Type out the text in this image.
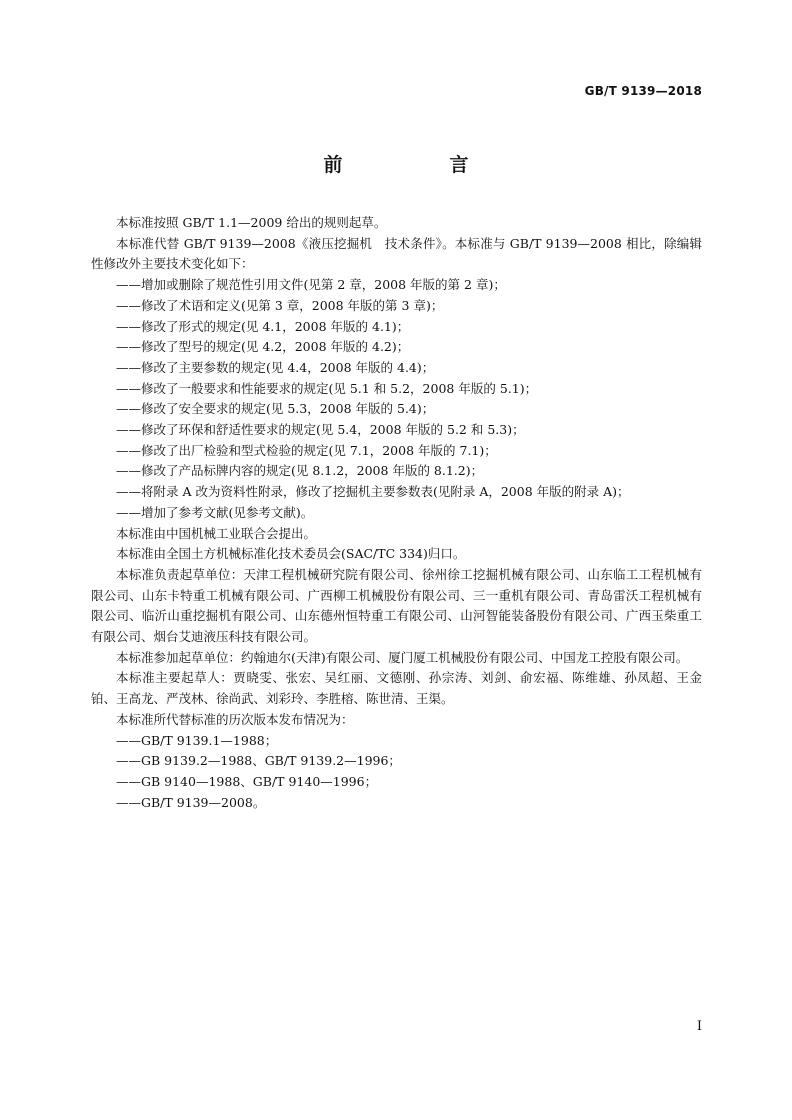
GB/T 9139—2018
前　言

本标准按照 GB/T 1.1—2009 给出的规则起草。

本标准代替 GB/T 9139—2008《液压挖掘机　技术条件》。本标准与 GB/T 9139—2008 相比，除编辑性修改外主要技术变化如下：

——增加或删除了规范性引用文件(见第 2 章，2008 年版的第 2 章)；

——修改了术语和定义(见第 3 章，2008 年版的第 3 章)；

——修改了形式的规定(见 4.1，2008 年版的 4.1)；

——修改了型号的规定(见 4.2，2008 年版的 4.2)；

——修改了主要参数的规定(见 4.4，2008 年版的 4.4)；

——修改了一般要求和性能要求的规定(见 5.1 和 5.2，2008 年版的 5.1)；

——修改了安全要求的规定(见 5.3，2008 年版的 5.4)；

——修改了环保和舒适性要求的规定(见 5.4，2008 年版的 5.2 和 5.3)；

——修改了出厂检验和型式检验的规定(见 7.1，2008 年版的 7.1)；

——修改了产品标牌内容的规定(见 8.1.2，2008 年版的 8.1.2)；

——将附录 A 改为资料性附录，修改了挖掘机主要参数表(见附录 A，2008 年版的附录 A)；

——增加了参考文献(见参考文献)。

本标准由中国机械工业联合会提出。

本标准由全国土方机械标准化技术委员会(SAC/TC 334)归口。

本标准负责起草单位：天津工程机械研究院有限公司、徐州徐工挖掘机械有限公司、山东临工工程机械有限公司、山东卡特重工机械有限公司、广西柳工机械股份有限公司、三一重机有限公司、青岛雷沃工程机械有限公司、临沂山重挖掘机有限公司、山东德州恒特重工有限公司、山河智能装备股份有限公司、广西玉柴重工有限公司、烟台艾迪液压科技有限公司。

本标准参加起草单位：约翰迪尔(天津)有限公司、厦门厦工机械股份有限公司、中国龙工控股有限公司。

本标准主要起草人：贾晓雯、张宏、吴红丽、文德刚、孙宗涛、刘剑、俞宏福、陈维雄、孙凤超、王金铂、王高龙、严茂林、徐尚武、刘彩玲、李胜榕、陈世清、王渠。

本标准所代替标准的历次版本发布情况为：

——GB/T 9139.1—1988；

——GB 9139.2—1988、GB/T 9139.2—1996；

——GB 9140—1988、GB/T 9140—1996；

——GB/T 9139—2008。

I
